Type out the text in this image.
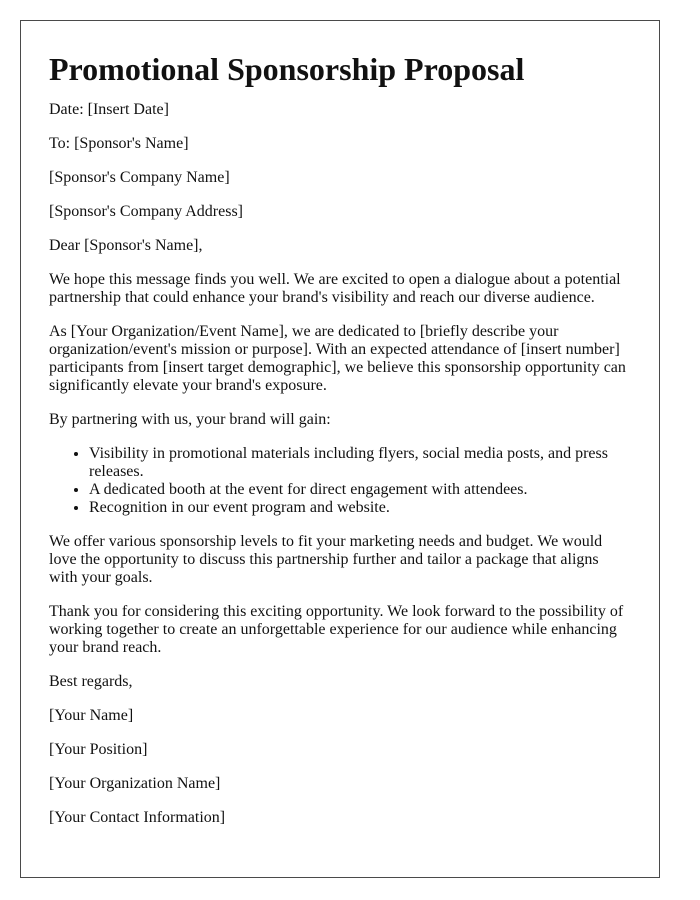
Promotional Sponsorship Proposal

Date: [Insert Date]

To: [Sponsor's Name]

[Sponsor's Company Name]

[Sponsor's Company Address]

Dear [Sponsor's Name],

We hope this message finds you well. We are excited to open a dialogue about a potential partnership that could enhance your brand's visibility and reach our diverse audience.

As [Your Organization/Event Name], we are dedicated to [briefly describe your organization/event's mission or purpose]. With an expected attendance of [insert number] participants from [insert target demographic], we believe this sponsorship opportunity can significantly elevate your brand's exposure.

By partnering with us, your brand will gain:

• Visibility in promotional materials including flyers, social media posts, and press releases.
• A dedicated booth at the event for direct engagement with attendees.
• Recognition in our event program and website.

We offer various sponsorship levels to fit your marketing needs and budget. We would love the opportunity to discuss this partnership further and tailor a package that aligns with your goals.

Thank you for considering this exciting opportunity. We look forward to the possibility of working together to create an unforgettable experience for our audience while enhancing your brand reach.

Best regards,

[Your Name]

[Your Position]

[Your Organization Name]

[Your Contact Information]
